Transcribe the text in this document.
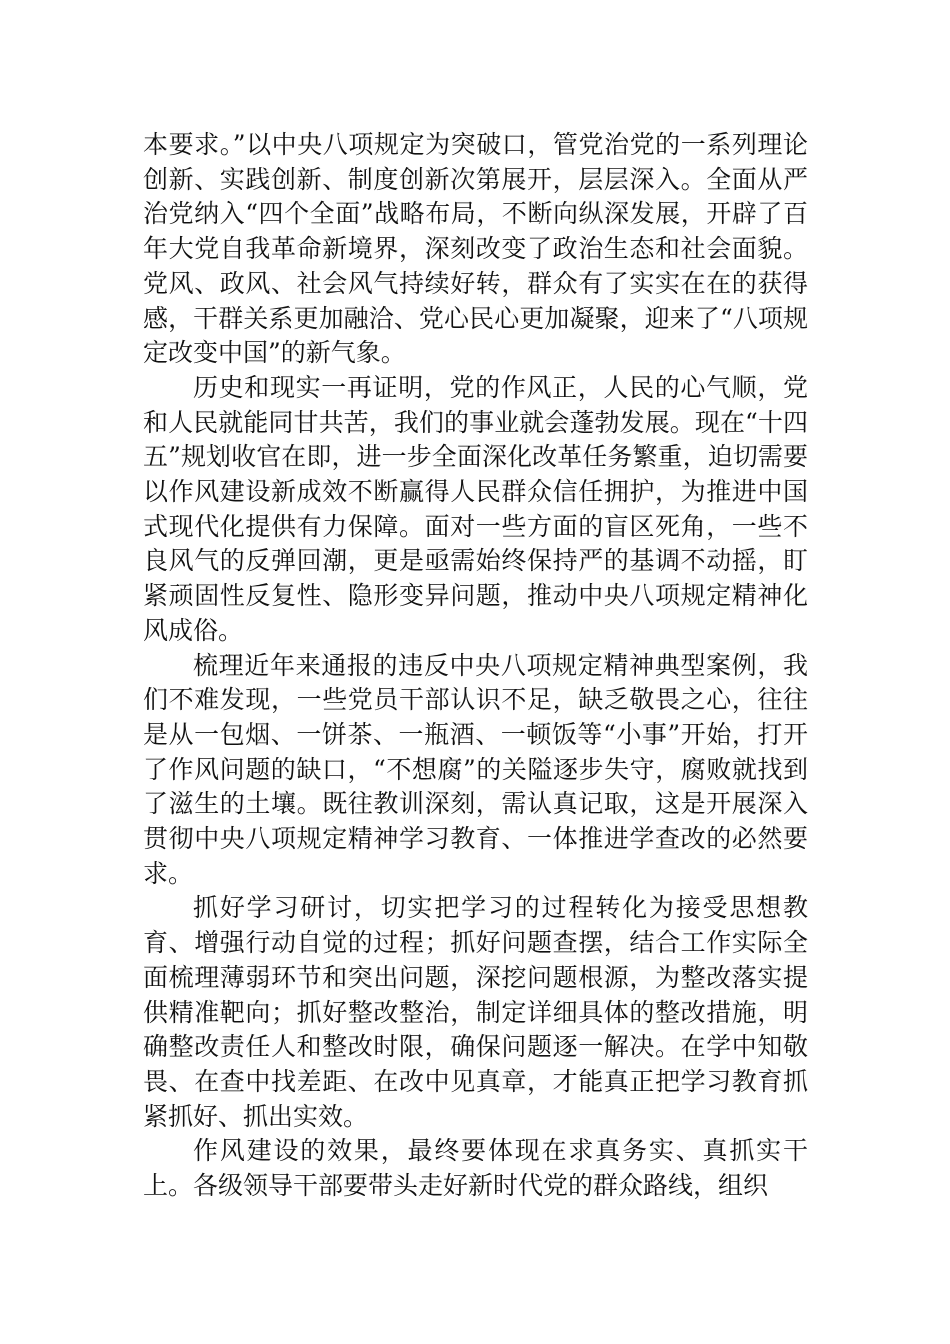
本要求。”以中央八项规定为突破口，管党治党的一系列理论创新、实践创新、制度创新次第展开，层层深入。全面从严治党纳入“四个全面”战略布局，不断向纵深发展，开辟了百年大党自我革命新境界，深刻改变了政治生态和社会面貌。党风、政风、社会风气持续好转，群众有了实实在在的获得感，干群关系更加融洽、党心民心更加凝聚，迎来了“八项规定改变中国”的新气象。

历史和现实一再证明，党的作风正，人民的心气顺，党和人民就能同甘共苦，我们的事业就会蓬勃发展。现在“十四五”规划收官在即，进一步全面深化改革任务繁重，迫切需要以作风建设新成效不断赢得人民群众信任拥护，为推进中国式现代化提供有力保障。面对一些方面的盲区死角，一些不良风气的反弹回潮，更是亟需始终保持严的基调不动摇，盯紧顽固性反复性、隐形变异问题，推动中央八项规定精神化风成俗。

梳理近年来通报的违反中央八项规定精神典型案例，我们不难发现，一些党员干部认识不足，缺乏敬畏之心，往往是从一包烟、一饼茶、一瓶酒、一顿饭等“小事”开始，打开了作风问题的缺口，“不想腐”的关隘逐步失守，腐败就找到了滋生的土壤。既往教训深刻，需认真记取，这是开展深入贯彻中央八项规定精神学习教育、一体推进学查改的必然要求。

抓好学习研讨，切实把学习的过程转化为接受思想教育、增强行动自觉的过程；抓好问题查摆，结合工作实际全面梳理薄弱环节和突出问题，深挖问题根源，为整改落实提供精准靶向；抓好整改整治，制定详细具体的整改措施，明确整改责任人和整改时限，确保问题逐一解决。在学中知敬畏、在查中找差距、在改中见真章，才能真正把学习教育抓紧抓好、抓出实效。

作风建设的效果，最终要体现在求真务实、真抓实干上。各级领导干部要带头走好新时代党的群众路线，组织
